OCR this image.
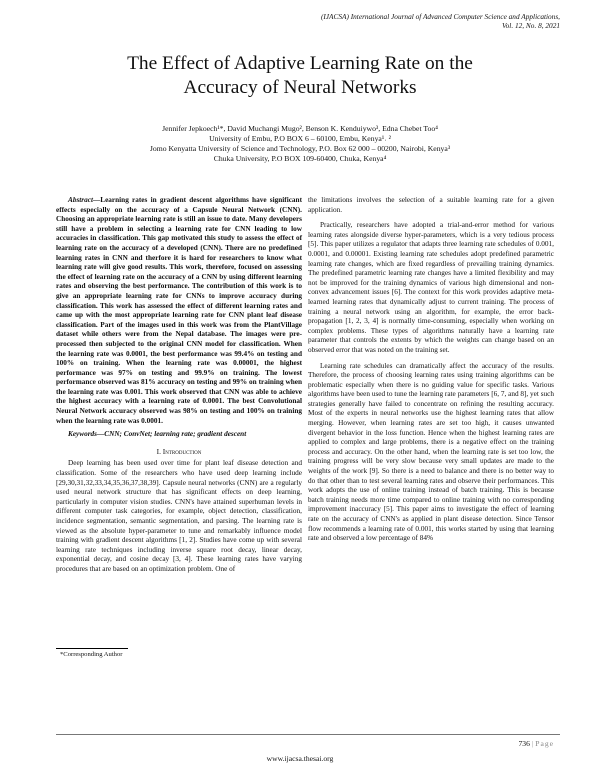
(IJACSA) International Journal of Advanced Computer Science and Applications,
Vol. 12, No. 8, 2021
The Effect of Adaptive Learning Rate on the
Accuracy of Neural Networks
Jennifer Jepkoech¹*, David Muchangi Mugo², Benson K. Kenduiywo³, Edna Chebet Too⁴
University of Embu, P.O BOX 6 – 60100, Embu, Kenya¹˒ ²
Jomo Kenyatta University of Science and Technology, P.O. Box 62 000 – 00200, Nairobi, Kenya³
Chuka University, P.O BOX 109-60400, Chuka, Kenya⁴

Abstract—Learning rates in gradient descent algorithms have significant effects especially on the accuracy of a Capsule Neural Network (CNN). Choosing an appropriate learning rate is still an issue to date. Many developers still have a problem in selecting a learning rate for CNN leading to low accuracies in classification. This gap motivated this study to assess the effect of learning rate on the accuracy of a developed (CNN). There are no predefined learning rates in CNN and therfore it is hard for researchers to know what learning rate will give good results. This work, therefore, focused on assessing the effect of learning rate on the accuracy of a CNN by using different learning rates and observing the best performance. The contribution of this work is to give an appropriate learning rate for CNNs to improve accuracy during classification. This work has assessed the effect of different learning rates and came up with the most appropriate learning rate for CNN plant leaf disease classification. Part of the images used in this work was from the PlantVillage dataset while others were from the Nepal database. The images were pre-processed then subjected to the original CNN model for classification. When the learning rate was 0.0001, the best performance was 99.4% on testing and 100% on training. When the learning rate was 0.00001, the highest performance was 97% on testing and 99.9% on training. The lowest performance observed was 81% accuracy on testing and 99% on training when the learning rate was 0.001. This work observed that CNN was able to achieve the highest accuracy with a learning rate of 0.0001. The best Convolutional Neural Network accuracy observed was 98% on testing and 100% on training when the learning rate was 0.0001.

Keywords—CNN; ConvNet; learning rate; gradient descent

I. Introduction

Deep learning has been used over time for plant leaf disease detection and classification. Some of the researchers who have used deep learning include [29,30,31,32,33,34,35,36,37,38,39]. Capsule neural networks (CNN) are a regularly used neural network structure that has significant effects on deep learning, particularly in computer vision studies. CNN's have attained superhuman levels in different computer task categories, for example, object detection, classification, incidence segmentation, semantic segmentation, and parsing. The learning rate is viewed as the absolute hyper-parameter to tune and remarkably influence model training with gradient descent algorithms [1, 2]. Studies have come up with several learning rate techniques including inverse square root decay, linear decay, exponential decay, and cosine decay [3, 4]. These learning rates have varying procedures that are based on an optimization problem. One of

the limitations involves the selection of a suitable learning rate for a given application.

Practically, researchers have adopted a trial-and-error method for various learning rates alongside diverse hyper-parameters, which is a very tedious process [5]. This paper utilizes a regulator that adapts three learning rate schedules of 0.001, 0.0001, and 0.00001. Existing learning rate schedules adopt predefined parametric learning rate changes, which are fixed regardless of prevailing training dynamics. The predefined parametric learning rate changes have a limited flexibility and may not be improved for the training dynamics of various high dimensional and non-convex advancement issues [6]. The context for this work provides adaptive meta-learned learning rates that dynamically adjust to current training. The process of training a neural network using an algorithm, for example, the error back-propagation [1, 2, 3, 4] is normally time-consuming, especially when working on complex problems. These types of algorithms naturally have a learning rate parameter that controls the extents by which the weights can change based on an observed error that was noted on the training set.

Learning rate schedules can dramatically affect the accuracy of the results. Therefore, the process of choosing learning rates using training algorithms can be problematic especially when there is no guiding value for specific tasks. Various algorithms have been used to tune the learning rate parameters [6, 7, and 8], yet such strategies generally have failed to concentrate on refining the resulting accuracy. Most of the experts in neural networks use the highest learning rates that allow merging. However, when learning rates are set too high, it causes unwanted divergent behavior in the loss function. Hence when the highest learning rates are applied to complex and large problems, there is a negative effect on the training process and accuracy. On the other hand, when the learning rate is set too low, the training progress will be very slow because very small updates are made to the weights of the work [9]. So there is a need to balance and there is no better way to do that other than to test several learning rates and observe their performances. This work adopts the use of online training instead of batch training. This is because batch training needs more time compared to online training with no corresponding improvement inaccuracy [5]. This paper aims to investigate the effect of learning rate on the accuracy of CNN's as applied in plant disease detection. Since Tensor flow recommends a learning rate of 0.001, this works started by using that learning rate and observed a low percentage of 84%

*Corresponding Author
736 | Page
www.ijacsa.thesai.org
